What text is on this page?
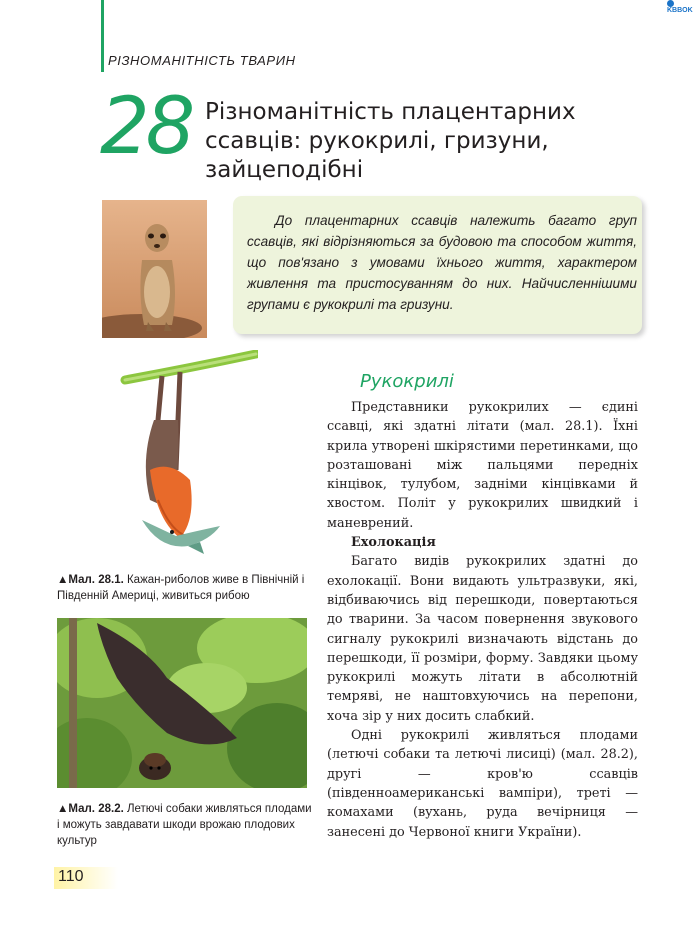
РІЗНОМАНІТНІСТЬ ТВАРИН
KBBOK
28 Різноманітність плацентарних
ссавців: рукокрилі, гризуни,
зайцеподібні

До плацентарних ссавців належить багато груп ссавців, які відрізняються за будовою та способом життя, що пов'язано з умовами їхнього життя, характером живлення та пристосуванням до них. Найчисленнішими групами є рукокрилі та гризуни.

▲Мал. 28.1. Кажан-риболов живе в Північній і Південній Америці, живиться рибою
▲Мал. 28.2. Летючі собаки живляться плодами і можуть завдавати шкоди врожаю плодових культур
Рукокрилі

Представники рукокрилих — єдині ссавці, які здатні літати (мал. 28.1). Їхні крила утворені шкірястими перетинками, що розташовані між пальцями передніх кінцівок, тулубом, задніми кінцівками й хвостом. Політ у рукокрилих швидкий і маневрений.

Ехолокація

Багато видів рукокрилих здатні до ехолокації. Вони видають ультразвуки, які, відбиваючись від перешкоди, повертаються до тварини. За часом повернення звукового сигналу рукокрилі визначають відстань до перешкоди, її розміри, форму. Завдяки цьому рукокрилі можуть літати в абсолютній темряві, не наштовхуючись на перепони, хоча зір у них досить слабкий.

Одні рукокрилі живляться плодами (летючі собаки та летючі лисиці) (мал. 28.2), другі — кров'ю ссавців (південноамериканські вампіри), треті — комахами (вухань, руда вечірниця — занесені до Червоної книги України).

110
